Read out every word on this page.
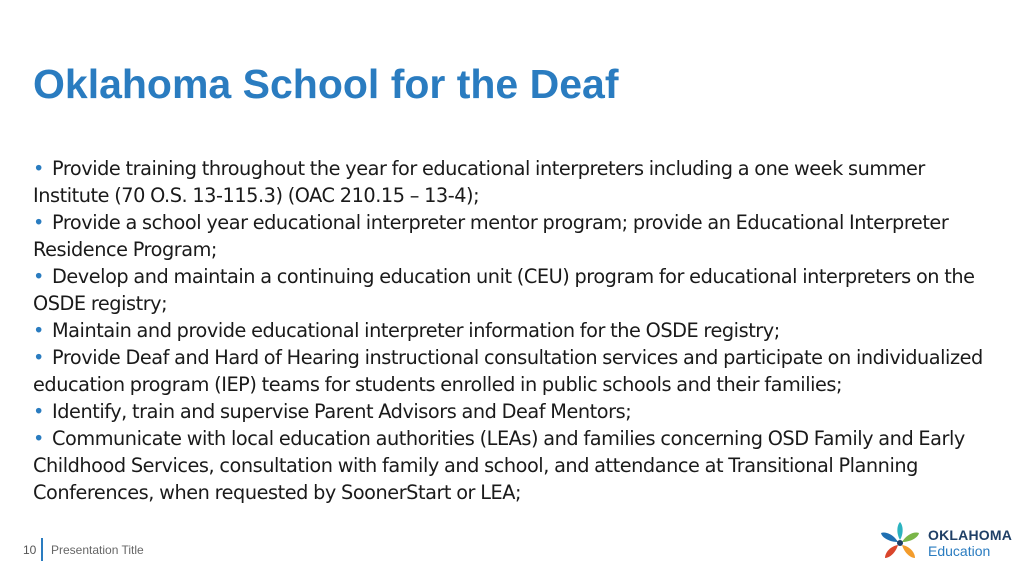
Oklahoma School for the Deaf
• Provide training throughout the year for educational interpreters including a one week summer Institute (70 O.S. 13-115.3) (OAC 210.15 – 13-4);
• Provide a school year educational interpreter mentor program; provide an Educational Interpreter Residence Program;
• Develop and maintain a continuing education unit (CEU) program for educational interpreters on the OSDE registry;
• Maintain and provide educational interpreter information for the OSDE registry;
• Provide Deaf and Hard of Hearing instructional consultation services and participate on individualized education program (IEP) teams for students enrolled in public schools and their families;
• Identify, train and supervise Parent Advisors and Deaf Mentors;
• Communicate with local education authorities (LEAs) and families concerning OSD Family and Early Childhood Services, consultation with family and school, and attendance at Transitional Planning Conferences, when requested by SoonerStart or LEA;
10 Presentation Title
OKLAHOMA
Education
